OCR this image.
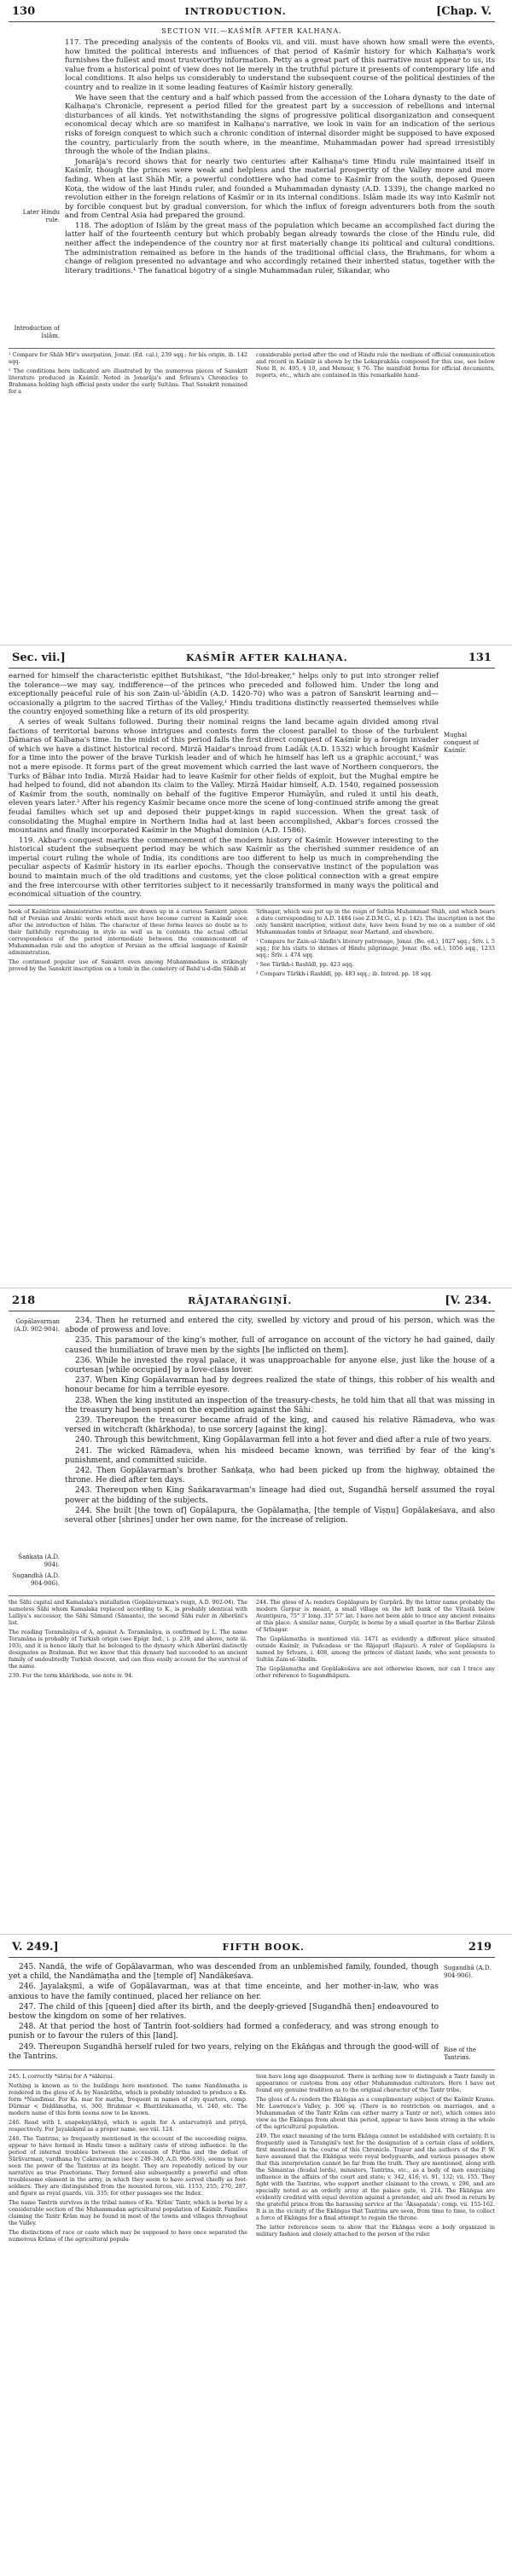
130	INTRODUCTION.	[Chap. V.
SECTION VII.—KAŚMĪR AFTER KALHAṆA.
Later Hindu rule.
Introduction of Islām.

117. The preceding analysis of the contents of Books vii. and viii. must have shown how small were the events, how limited the political interests and influences of that period of Kaśmīr history for which Kalhaṇa's work furnishes the fullest and most trustworthy information. Petty as a great part of this narrative must appear to us, its value from a historical point of view does not lie merely in the truthful picture it presents of contemporary life and local conditions. It also helps us considerably to understand the subsequent course of the political destinies of the country and to realize in it some leading features of Kaśmīr history generally.

We have seen that the century and a half which passed from the accession of the Lohara dynasty to the date of Kalhaṇa's Chronicle, represent a period filled for the greatest part by a succession of rebellions and internal disturbances of all kinds. Yet notwithstanding the signs of progressive political disorganization and consequent economical decay which are so manifest in Kalhaṇa's narrative, we look in vain for an indication of the serious risks of foreign conquest to which such a chronic condition of internal disorder might be supposed to have exposed the country, particularly from the south where, in the meantime, Muhammadan power had spread irresistibly through the whole of the Indian plains.

Jonarāja's record shows that for nearly two centuries after Kalhaṇa's time Hindu rule maintained itself in Kaśmīr, though the princes were weak and helpless and the material prosperity of the Valley more and more fading. When at last Shāh Mīr, a powerful condottiere who had come to Kaśmīr from the south, deposed Queen Koṭa, the widow of the last Hindu ruler, and founded a Muhammadan dynasty (A.D. 1339), the change marked no revolution either in the foreign relations of Kaśmīr or in its internal conditions. Islām made its way into Kaśmīr not by forcible conquest but by gradual conversion, for which the influx of foreign adventurers both from the south and from Central Asia had prepared the ground.

118. The adoption of Islām by the great mass of the population which became an accomplished fact during the latter half of the fourteenth century but which probably began already towards the close of the Hindu rule, did neither affect the independence of the country nor at first materially change its political and cultural conditions. The administration remained as before in the hands of the traditional official class, the Brahmans, for whom a change of religion presented no advantage and who accordingly retained their inherited status, together with the literary traditions.¹ The fanatical bigotry of a single Muhammadan ruler, Sikandar, who

¹ Compare for Shāh Mīr's usurpation, Jonar. (Ed. cal.), 239 sqq.; for his origin, ib. 142 sqq.

² The conditions here indicated are illustrated by the numerous pieces of Sanskrit literature produced in Kaśmīr. Noted in Jonarāja's and Śrīvara's Chronicles to Brahmans holding high official posts under the early Sultāns. That Sanskrit remained for a

considerable period after the end of Hindu rule the medium of official communication and record in Kaśmīr is shown by the Lokaprakāśa composed for this use, see below Note B, iv. 495, § 10, and Memoir, § 76. The manifold forms for official documents, reports, etc., which are contained in this remarkable hand-

Sec. vii.]	KAŚMĪR AFTER KALHAṆA.	131

earned for himself the characteristic epithet Butshikast, "the Idol-breaker," helps only to put into stronger relief the tolerance—we may say, indifference—of the princes who preceded and followed him. Under the long and exceptionally peaceful rule of his son Zain-ul-'ābidīn (A.D. 1420-70) who was a patron of Sanskrit learning and—occasionally a pilgrim to the sacred Tīrthas of the Valley,¹ Hindu traditions distinctly reasserted themselves while the country enjoyed something like a return of its old prosperity.

A series of weak Sultans followed. During their nominal reigns the land became again divided among rival factions of territorial barons whose intrigues and contests form the closest parallel to those of the turbulent Ḍāmaras of Kalhaṇa's time. In the midst of this period falls the first direct conquest of Kaśmīr by a foreign invader of which we have a distinct historical record. Mirzā Haidar's inroad from Ladāk (A.D. 1532) which brought Kaśmīr for a time into the power of the brave Turkish leader and of which he himself has left us a graphic account,² was not a mere episode. It forms part of the great movement which carried the last wave of Northern conquerors, the Turks of Bābar into India. Mirzā Haidar had to leave Kaśmīr for other fields of exploit, but the Mughal empire he had helped to found, did not abandon its claim to the Valley. Mirzā Haidar himself, A.D. 1540, regained possession of Kaśmīr from the south, nominally on behalf of the fugitive Emperor Humāyūn, and ruled it until his death, eleven years later.³ After his regency Kaśmīr became once more the scene of long-continued strife among the great feudal families which set up and deposed their puppet-kings in rapid succession. When the great task of consolidating the Mughal empire in Northern India had at last been accomplished, Akbar's forces crossed the mountains and finally incorporated Kaśmīr in the Mughal dominion (A.D. 1586).

119. Akbar's conquest marks the commencement of the modern history of Kaśmīr. However interesting to the historical student the subsequent period may be which saw Kaśmīr as the cherished summer residence of an imperial court ruling the whole of India, its conditions are too different to help us much in comprehending the peculiar aspects of Kaśmīr history in its earlier epochs. Though the conservative instinct of the population was bound to maintain much of the old traditions and customs, yet the close political connection with a great empire and the free intercourse with other territories subject to it necessarily transformed in many ways the political and economical situation of the country.

Mughal conquest of Kaśmīr.

book of Kaśmīrian administrative routine, are drawn up in a curious Sanskrit jargon full of Persian and Arabic words which must have become current in Kaśmīr soon after the introduction of Islām. The character of these forms leaves no doubt as to their faithfully reproducing in style as well as in contents the actual official correspondence of the period intermediate between the commencement of Muhammadan rule and the adoption of Persian as the official language of Kaśmīr administration.

The continued popular use of Sanskrit even among Muhammadans is strikingly proved by the Sanskrit inscription on a tomb in the cemetery of Bahā'u-d-dīn Ṣāhib at

Srīnagar, which was put up in the reign of Sultān Muḥammad Shāh, and which bears a date corresponding to A.D. 1484 (see Z.D.M.G., xl. p. 142). The inscription is not the only Sanskrit inscription, without date, have been found by me on a number of old Muhammadan tombs at Srīnagar, near Martand, and elsewhere.

¹ Compare for Zain-ul-'ābidīn's literary patronage, Jonar. (Bo. ed.), 1027 sqq.; Śrīv. i. 5 sqq.; for his visits to shrines of Hindu pilgrimage, Jonar. (Bo. ed.), 1056 sqq., 1233 sqq.; Śrīv. i. 474 sqq.

² See Tārīkh-i Rashīdī, pp. 423 sqq.

³ Compare Tārīkh-i Rashīdī, pp. 483 sqq.; ib. Introd. pp. 18 sqq.

218	RĀJATARAṄGIṆĪ.	[V. 234.
Gopālavarman (A.D. 902-904).
Śaṅkaṭa (A.D. 904).
Sugandhā (A.D. 904-906).

234. Then he returned and entered the city, swelled by victory and proud of his person, which was the abode of prowess and love.

235. This paramour of the king's mother, full of arrogance on account of the victory he had gained, daily caused the humiliation of brave men by the sights [he inflicted on them].

236. While he invested the royal palace, it was unapproachable for anyone else, just like the house of a courtesan [while occupied] by a love-class lover.

237. When King Gopālavarman had by degrees realized the state of things, this robber of his wealth and honour became for him a terrible eyesore.

238. When the king instituted an inspection of the treasury-chests, he told him that all that was missing in the treasury had been spent on the expedition against the Śāhi.

239. Thereupon the treasurer became afraid of the king, and caused his relative Rāmadeva, who was versed in witchcraft (khārkhoda), to use sorcery [against the king].

240. Through this bewitchment, King Gopālavarman fell into a hot fever and died after a rule of two years.

241. The wicked Rāmadeva, when his misdeed became known, was terrified by fear of the king's punishment, and committed suicide.

242. Then Gopālavarman's brother Saṅkaṭa, who had been picked up from the highway, obtained the throne. He died after ten days.

243. Thereupon when King Śaṅkaravarman's lineage had died out, Sugandhā herself assumed the royal power at the bidding of the subjects.

244. She built [the town of] Gopālapura, the Gopālamaṭha, [the temple of Viṣṇu] Gopālakeśava, and also several other [shrines] under her own name, for the increase of religion.

the Śāhi capital and Kamalaka's installation (Gopālavarman's reign, A.D. 902-04). The nameless Śāhi whom Kamalaka replaced according to K., is probably identical with Lalliya's successor, the Śāhi Sāmand (Sāmanta), the second Śāhi ruler in Alberūnī's list.

The reading Toramāṇāya of A, against A₁ Toramāṇāya, is confirmed by L. The name Toramāṇa is probably of Turkish origin (see Epigr. Ind., i. p. 239, and above, note iii. 103), and it is hence likely that he belonged to the dynasty which Alberūnī distinctly designates as Brahman. But we know that this dynasty had succeeded to an ancient family of undoubtedly Turkish descent, and can thus easily account for the survival of the name.

239. For the term khārkhoda, see note iv. 94.

244. The gloss of A₃ renders Gopālapura by Gurpārā. By the latter name probably the modern Gurpur is meant, a small village on the left bank of the Vitastā below Avantipura, 75° 3' long. 33° 57' lat. I have not been able to trace any ancient remains at this place. A similar name, Gurpūr, is borne by a small quarter in the Barbar Ziārah of Srīnagar.

The Gopālamaṭha is mentioned viii. 1471 as evidently a different place situated outside Kaśmīr, in Pañcaḍasa or the Rājapurī (Rajauri). A ruler of Gopālapura is named by Śrīvara, i. 408, among the princes of distant lands, who sent presents to Sultān Zain-ul-'ābidīn.

The Gopālamaṭha and Gopālakeśava are not otherwise known, nor can I trace any other reference to Sugandhāpura.

V. 249.]	FIFTH BOOK.	219

245. Nandā, the wife of Gopālavarman, who was descended from an unblemished family, founded, though yet a child, the Nandāmaṭha and the [temple of] Nandākeśava.

246. Jayalakṣmī, a wife of Gopālavarman, was at that time enceinte, and her mother-in-law, who was anxious to have the family continued, placed her reliance on her.

247. The child of this [queen] died after its birth, and the deeply-grieved [Sugandhā then] endeavoured to bestow the kingdom on some of her relatives.

248. At that period the host of Tantrin foot-soldiers had formed a confederacy, and was strong enough to punish or to favour the rulers of this [land].

249. Thereupon Sugandhā herself ruled for two years, relying on the Ekāṅgas and through the good-will of the Tantrins.

Sugandhā (A.D. 904-906).
Rise of the Tantrins.

245. L correctly *śāriṣi for A *śāhiriṣi.

Nothing is known as to the buildings here mentioned. The name Nandāmaṭha is rendered in the gloss of A₃ by Nanārātha, which is probably intended to produce a Ks. form *Nandīmar. For Ks. mar for maṭha, frequent in names of city quarters, comp. Dūrmar < Diddāmaṭha, vi. 300, Bruhmar < Bhaṭṭārakamaṭha, vi. 240, etc. The modern name of this form seems now to be known.

246. Read with L anapekṣyākhyā, which is again for A antarvatnyā and pitryā, respectively. For Jayalakṣmī as a proper name, see viii. 124.

248. The Tantrins, so frequently mentioned in the account of the succeeding reigns, appear to have formed in Hindu times a military caste of strong influence. In the period of internal troubles between the accession of Pārtha and the defeat of Śūrāvarman, vardhana by Cakravarman (see v. 249-340, A.D. 906-936), seems to have seen the power of the Tantrins at its height. They are repeatedly noticed by our narrative as true Praetorians. They formed also subsequently a powerful and often troublesome element in the army, in which they seem to have served chiefly as foot-soldiers. They are distinguished from the mounted forces, viii. 1153, 255, 270, 287, and figure as royal guards, viii. 335; for other passages see the Index.

The name Tantrin survives in the tribal names of Ks. 'Krām' Tantr, which is borne by a considerable section of the Muhammadan agricultural population of Kaśmīr. Families claiming the Tantr Krām may be found in most of the towns and villages throughout the Valley.

The distinctions of race or caste which may be supposed to have once separated the numerous Krāms of the agricultural popula-

tion have long ago disappeared. There is nothing now to distinguish a Tantr family in appearance or customs from any other Muhammadan cultivators. Here I have not found any genuine tradition as to the original character of the Tantr tribe.

The gloss of A₃ renders the Ekāṅgas as a complimentary subject of the Kaśmīr Krams. Mr. Lawrence's Valley, p. 306 sq. (There is no restriction on marriages, and a Muhammadan of the Tantr Krām can either marry a Tantr or not), which comes into view as the Ekāṅgas from about this period, appear to have been strong in the whole of the agricultural population.

249. The exact meaning of the term Ekāṅga cannot be established with certainty. It is frequently used in Taraṅgiṇī's text for the designation of a certain class of soldiers, first mentioned in the course of this Chronicle. Trayer and the authors of the P. W. have assumed that the Ekāṅgas were royal bodyguards, and various passages show that this interpretation cannot be far from the truth. They are mentioned, along with the Sāmantas (feudal lords), ministers, Tantrins, etc., as a body of men exercising influence in the affairs of the court and state; v. 342, 416; vi. 91, 132; vii. 155. They fight with the Tantrins, who support another claimant to the crown, v. 290, and are specially noted as an orderly array at the palace gate, vi. 214. The Ekāṅgas are evidently credited with equal devotion against a pretender, and are freed in return by the grateful prince from the harassing service at the 'Ākṣapaṭala'; comp. vii. 155-162. It is in the vicinity of the Ekāṅgas that Tantrins are seen, from time to time, to collect a force of Ekāṅgas for a final attempt to regain the throne.

The latter references seem to show that the Ekāṅgas were a body organized in military fashion and closely attached to the person of the ruler.
